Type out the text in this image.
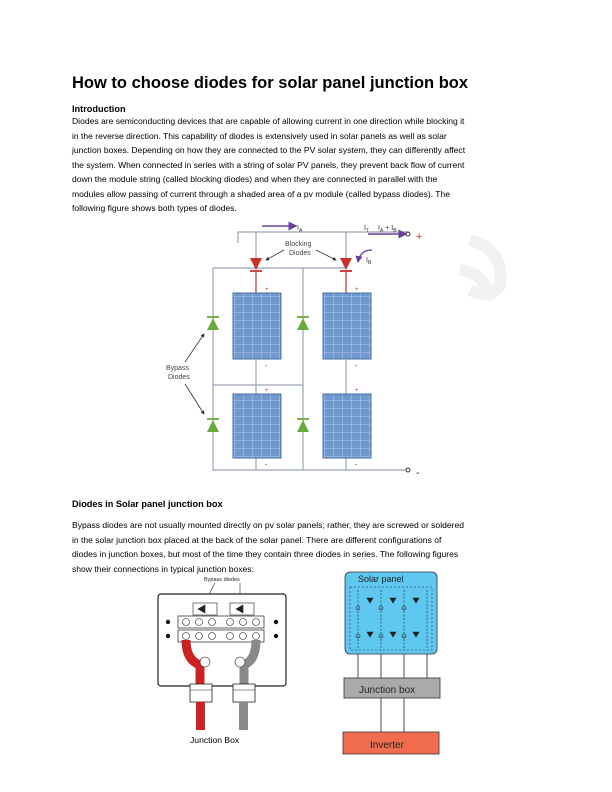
How to choose diodes for solar panel junction box
Introduction

Diodes are semiconducting devices that are capable of allowing current in one direction while blocking it
in the reverse direction. This capability of diodes is extensively used in solar panels as well as solar
junction boxes. Depending on how they are connected to the PV solar system, they can differently affect
the system. When connected in series with a string of solar PV panels, they prevent back flow of current
down the module string (called blocking diodes) and when they are connected in parallel with the
modules allow passing of current through a shaded area of a pv module (called bypass diodes). The
following figure shows both types of diodes.

$I_A$	$I_T$ $I_A + I_B$
$I_B$
+
-
Blocking
Diodes
Bypass
Diodes
+	+
-	-
+	+
-	-
Diodes in Solar panel junction box

Bypass diodes are not usually mounted directly on pv solar panels; rather, they are screwed or soldered
in the solar junction box placed at the back of the solar panel. There are different configurations of
diodes in junction boxes, but most of the time they contain three diodes in series. The following figures
show their connections in typical junction boxes:

Bypass diodes
Junction Box
Solar panel
Junction box
Inverter
